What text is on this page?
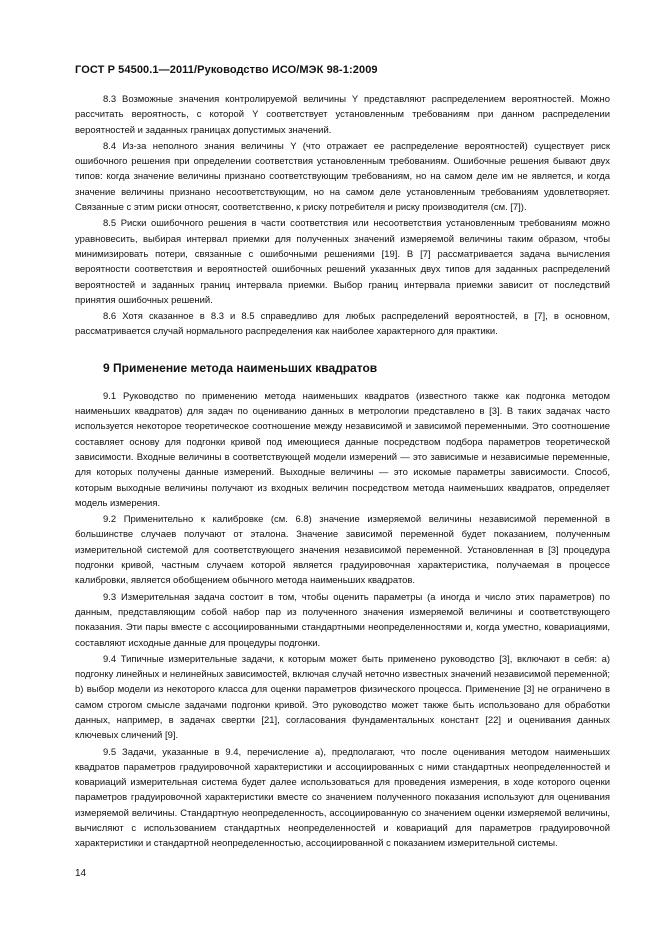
ГОСТ Р 54500.1—2011/Руководство ИСО/МЭК 98-1:2009

8.3 Возможные значения контролируемой величины Y представляют распределением вероятностей. Можно рассчитать вероятность, с которой Y соответствует установленным требованиям при данном распределении вероятностей и заданных границах допустимых значений.

8.4 Из-за неполного знания величины Y (что отражает ее распределение вероятностей) существует риск ошибочного решения при определении соответствия установленным требованиям. Ошибочные решения бывают двух типов: когда значение величины признано соответствующим требованиям, но на самом деле им не является, и когда значение величины признано несоответствующим, но на самом деле установленным требованиям удовлетворяет. Связанные с этим риски относят, соответственно, к риску потребителя и риску производителя (см. [7]).

8.5 Риски ошибочного решения в части соответствия или несоответствия установленным требованиям можно уравновесить, выбирая интервал приемки для полученных значений измеряемой величины таким образом, чтобы минимизировать потери, связанные с ошибочными решениями [19]. В [7] рассматривается задача вычисления вероятности соответствия и вероятностей ошибочных решений указанных двух типов для заданных распределений вероятностей и заданных границ интервала приемки. Выбор границ интервала приемки зависит от последствий принятия ошибочных решений.

8.6 Хотя сказанное в 8.3 и 8.5 справедливо для любых распределений вероятностей, в [7], в основном, рассматривается случай нормального распределения как наиболее характерного для практики.

9 Применение метода наименьших квадратов

9.1 Руководство по применению метода наименьших квадратов (известного также как подгонка методом наименьших квадратов) для задач по оцениванию данных в метрологии представлено в [3]. В таких задачах часто используется некоторое теоретическое соотношение между независимой и зависимой переменными. Это соотношение составляет основу для подгонки кривой под имеющиеся данные посредством подбора параметров теоретической зависимости. Входные величины в соответствующей модели измерений — это зависимые и независимые переменные, для которых получены данные измерений. Выходные величины — это искомые параметры зависимости. Способ, которым выходные величины получают из входных величин посредством метода наименьших квадратов, определяет модель измерения.

9.2 Применительно к калибровке (см. 6.8) значение измеряемой величины независимой переменной в большинстве случаев получают от эталона. Значение зависимой переменной будет показанием, полученным измерительной системой для соответствующего значения независимой переменной. Установленная в [3] процедура подгонки кривой, частным случаем которой является градуировочная характеристика, получаемая в процессе калибровки, является обобщением обычного метода наименьших квадратов.

9.3 Измерительная задача состоит в том, чтобы оценить параметры (а иногда и число этих параметров) по данным, представляющим собой набор пар из полученного значения измеряемой величины и соответствующего показания. Эти пары вместе с ассоциированными стандартными неопределенностями и, когда уместно, ковариациями, составляют исходные данные для процедуры подгонки.

9.4 Типичные измерительные задачи, к которым может быть применено руководство [3], включают в себя: а) подгонку линейных и нелинейных зависимостей, включая случай неточно известных значений независимой переменной; b) выбор модели из некоторого класса для оценки параметров физического процесса. Применение [3] не ограничено в самом строгом смысле задачами подгонки кривой. Это руководство может также быть использовано для обработки данных, например, в задачах свертки [21], согласования фундаментальных констант [22] и оценивания данных ключевых сличений [9].

9.5 Задачи, указанные в 9.4, перечисление а), предполагают, что после оценивания методом наименьших квадратов параметров градуировочной характеристики и ассоциированных с ними стандартных неопределенностей и ковариаций измерительная система будет далее использоваться для проведения измерения, в ходе которого оценки параметров градуировочной характеристики вместе со значением полученного показания используют для оценивания измеряемой величины. Стандартную неопределенность, ассоциированную со значением оценки измеряемой величины, вычисляют с использованием стандартных неопределенностей и ковариаций для параметров градуировочной характеристики и стандартной неопределенностью, ассоциированной с показанием измерительной системы.

14
